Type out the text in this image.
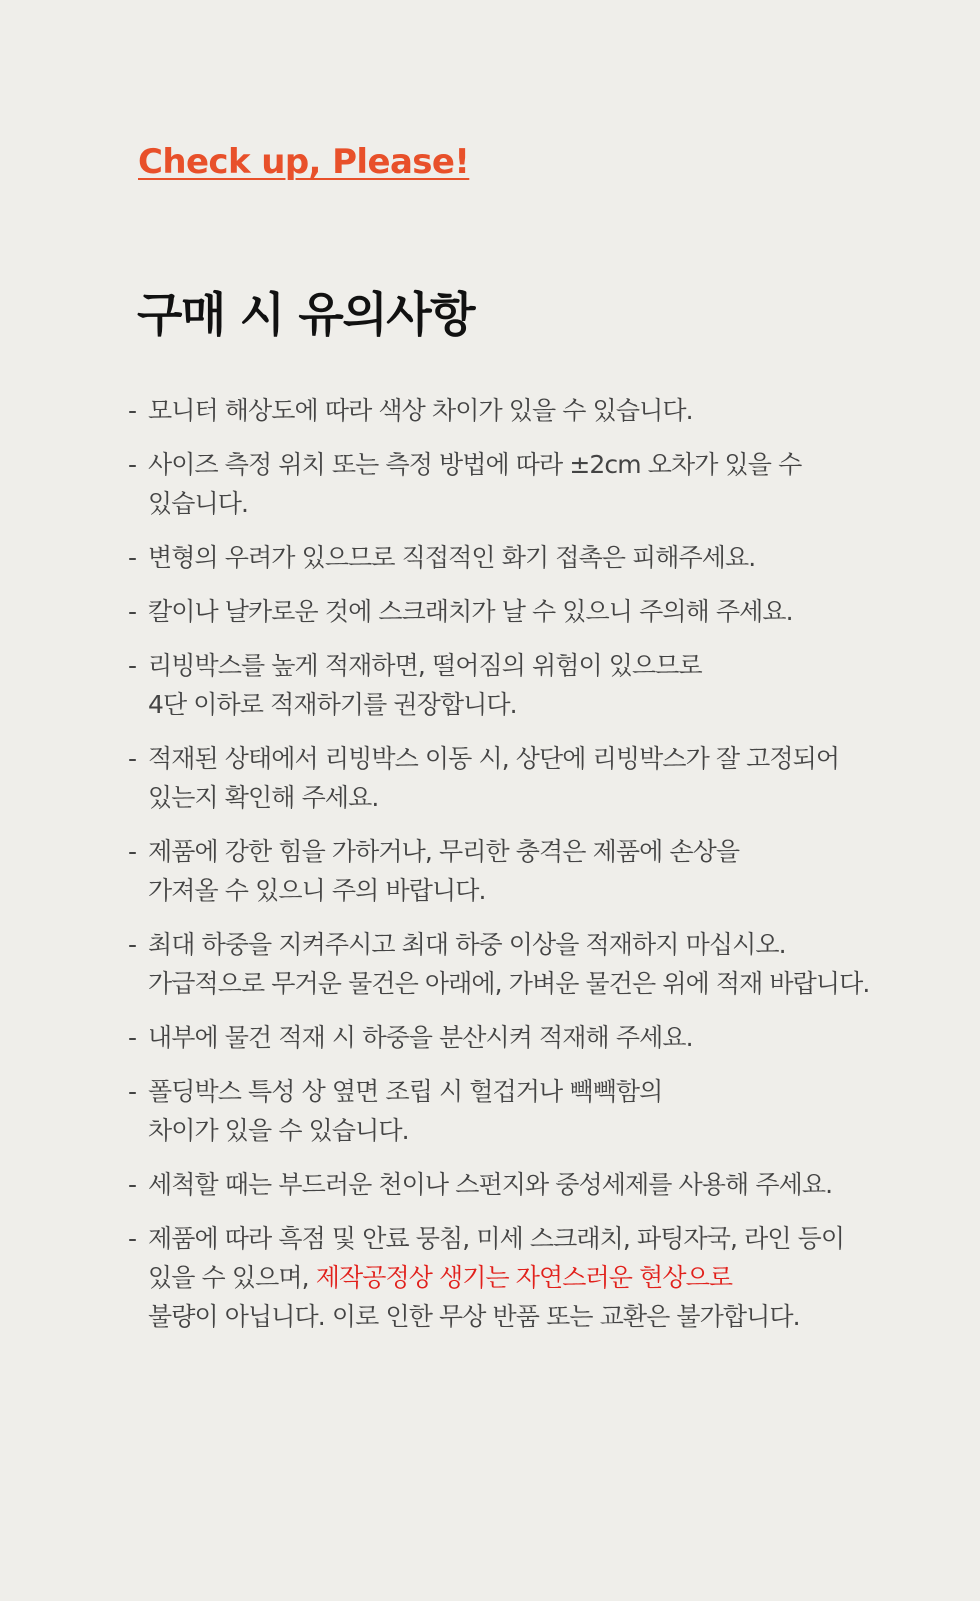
Check up, Please!

구매 시 유의사항
- 모니터 해상도에 따라 색상 차이가 있을 수 있습니다.
- 사이즈 측정 위치 또는 측정 방법에 따라 ±2cm 오차가 있을 수
있습니다.
- 변형의 우려가 있으므로 직접적인 화기 접촉은 피해주세요.
- 칼이나 날카로운 것에 스크래치가 날 수 있으니 주의해 주세요.
- 리빙박스를 높게 적재하면, 떨어짐의 위험이 있으므로
4단 이하로 적재하기를 권장합니다.
- 적재된 상태에서 리빙박스 이동 시, 상단에 리빙박스가 잘 고정되어
있는지 확인해 주세요.
- 제품에 강한 힘을 가하거나, 무리한 충격은 제품에 손상을
가져올 수 있으니 주의 바랍니다.
- 최대 하중을 지켜주시고 최대 하중 이상을 적재하지 마십시오.
가급적으로 무거운 물건은 아래에, 가벼운 물건은 위에 적재 바랍니다.
- 내부에 물건 적재 시 하중을 분산시켜 적재해 주세요.
- 폴딩박스 특성 상 옆면 조립 시 헐겁거나 빽빽함의
차이가 있을 수 있습니다.
- 세척할 때는 부드러운 천이나 스펀지와 중성세제를 사용해 주세요.
- 제품에 따라 흑점 및 안료 뭉침, 미세 스크래치, 파팅자국, 라인 등이
있을 수 있으며, 제작공정상 생기는 자연스러운 현상으로
불량이 아닙니다. 이로 인한 무상 반품 또는 교환은 불가합니다.
